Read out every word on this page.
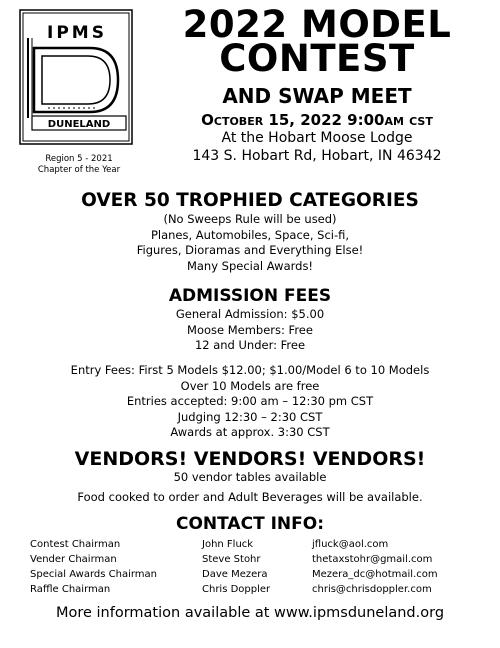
IPMS
DUNELAND
Region 5 - 2021
Chapter of the Year
2022 MODEL
CONTEST
AND SWAP MEET
October 15, 2022 9:00am cst
At the Hobart Moose Lodge
143 S. Hobart Rd, Hobart, IN 46342
OVER 50 TROPHIED CATEGORIES
(No Sweeps Rule will be used)
Planes, Automobiles, Space, Sci-fi,
Figures, Dioramas and Everything Else!
Many Special Awards!
ADMISSION FEES
General Admission: $5.00
Moose Members: Free
12 and Under: Free
Entry Fees: First 5 Models $12.00; $1.00/Model 6 to 10 Models
Over 10 Models are free
Entries accepted: 9:00 am – 12:30 pm CST
Judging 12:30 – 2:30 CST
Awards at approx. 3:30 CST
VENDORS! VENDORS! VENDORS!
50 vendor tables available
Food cooked to order and Adult Beverages will be available.
CONTACT INFO:
Contest Chairman	John Fluck	jfluck@aol.com
Vender Chairman	Steve Stohr	thetaxstohr@gmail.com
Special Awards Chairman	Dave Mezera	Mezera_dc@hotmail.com
Raffle Chairman	Chris Doppler	chris@chrisdoppler.com
More information available at www.ipmsduneland.org
